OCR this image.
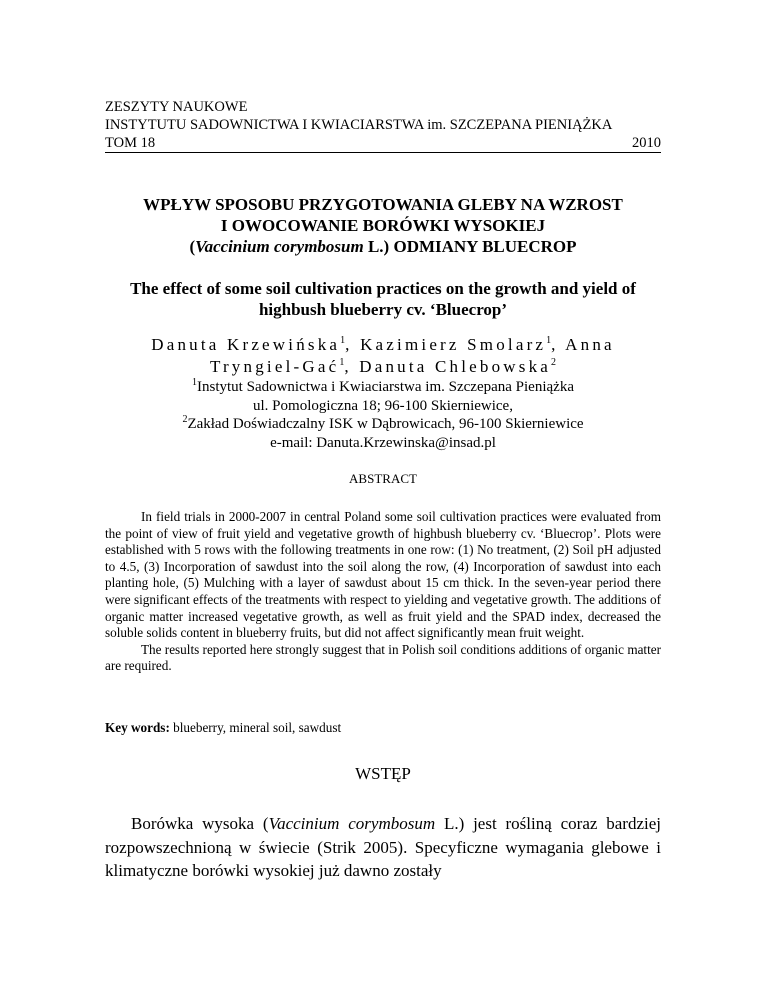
ZESZYTY NAUKOWE
INSTYTUTU SADOWNICTWA I KWIACIARSTWA im. SZCZEPANA PIENIĄŻKA
TOM 18	2010
WPŁYW SPOSOBU PRZYGOTOWANIA GLEBY NA WZROST
I OWOCOWANIE BORÓWKI WYSOKIEJ
(Vaccinium corymbosum L.) ODMIANY BLUECROP
The effect of some soil cultivation practices on the growth and yield of
highbush blueberry cv. ‘Bluecrop’
Danuta Krzewińska$^1$, Kazimierz Smolarz$^1$, Anna Tryngiel-Gać$^1$, Danuta Chlebowska$^2$
$^1$Instytut Sadownictwa i Kwiaciarstwa im. Szczepana Pieniążka
ul. Pomologiczna 18; 96-100 Skierniewice,
$^2$Zakład Doświadczalny ISK w Dąbrowicach, 96-100 Skierniewice
e-mail: Danuta.Krzewinska@insad.pl
ABSTRACT

In field trials in 2000-2007 in central Poland some soil cultivation practices were evaluated from the point of view of fruit yield and vegetative growth of highbush blueberry cv. ‘Bluecrop’. Plots were established with 5 rows with the following treatments in one row: (1) No treatment, (2) Soil pH adjusted to 4.5, (3) Incorporation of sawdust into the soil along the row, (4) Incorporation of sawdust into each planting hole, (5) Mulching with a layer of sawdust about 15 cm thick. In the seven-year period there were significant effects of the treatments with respect to yielding and vegetative growth. The additions of organic matter increased vegetative growth, as well as fruit yield and the SPAD index, decreased the soluble solids content in blueberry fruits, but did not affect significantly mean fruit weight.

The results reported here strongly suggest that in Polish soil conditions additions of organic matter are required.

Key words: blueberry, mineral soil, sawdust
WSTĘP

Borówka wysoka (Vaccinium corymbosum L.) jest rośliną coraz bardziej rozpowszechnioną w świecie (Strik 2005). Specyficzne wymagania glebowe i klimatyczne borówki wysokiej już dawno zostały
